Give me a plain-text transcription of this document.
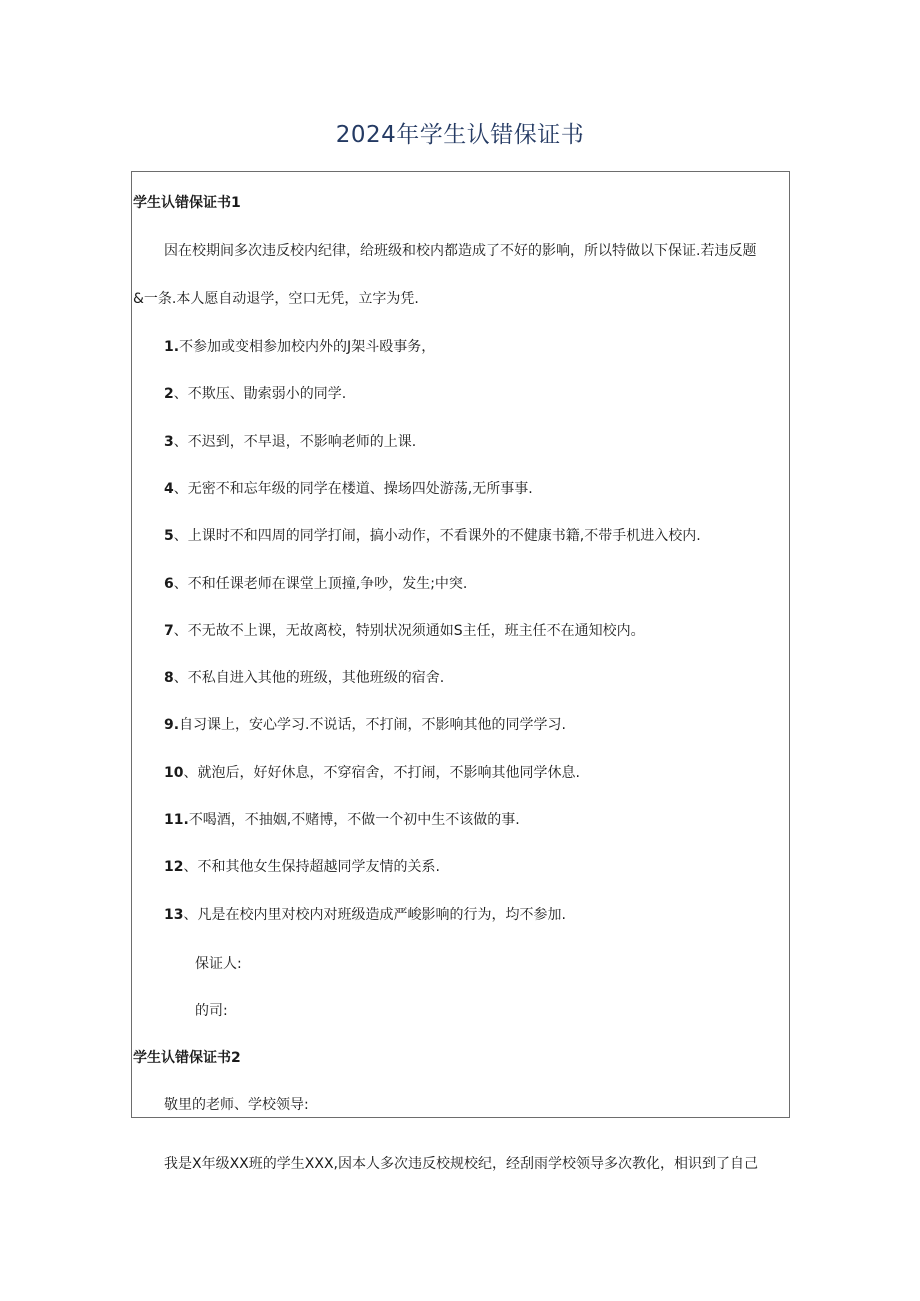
2024年学生认错保证书
学生认错保证书1
因在校期间多次违反校内纪律，给班级和校内都造成了不好的影响，所以特做以下保证.若违反题
&一条.本人愿自动退学，空口无凭，立字为凭.
1.不参加或变相参加校内外的J架斗殴事务，
2、不欺压、勖索弱小的同学.
3、不迟到，不早退，不影响老师的上课.
4、无密不和忘年级的同学在楼道、操场四处游荡,无所事事.
5、上课时不和四周的同学打闹，搞小动作，不看课外的不健康书籍,不带手机进入校内.
6、不和任课老师在课堂上顶撞,争吵，发生;中突.
7、不无故不上课，无故离校，特别状况须通如S主任，班主任不在通知校内。
8、不私自进入其他的班级，其他班级的宿舍.
9.自习课上，安心学习.不说话，不打闹，不影响其他的同学学习.
10、就泡后，好好休息，不穿宿舍，不打闹，不影响其他同学休息.
11.不喝酒，不抽姻,不赌博，不做一个初中生不该做的事.
12、不和其他女生保持超越同学友情的关系.
13、凡是在校内里对校内对班级造成严峻影响的行为，均不参加.
保证人:
的司:
学生认错保证书2
敬里的老师、学校领导:
我是X年级XX班的学生XXX,因本人多次违反校规校纪，经刮雨学校领导多次教化，相识到了自己
